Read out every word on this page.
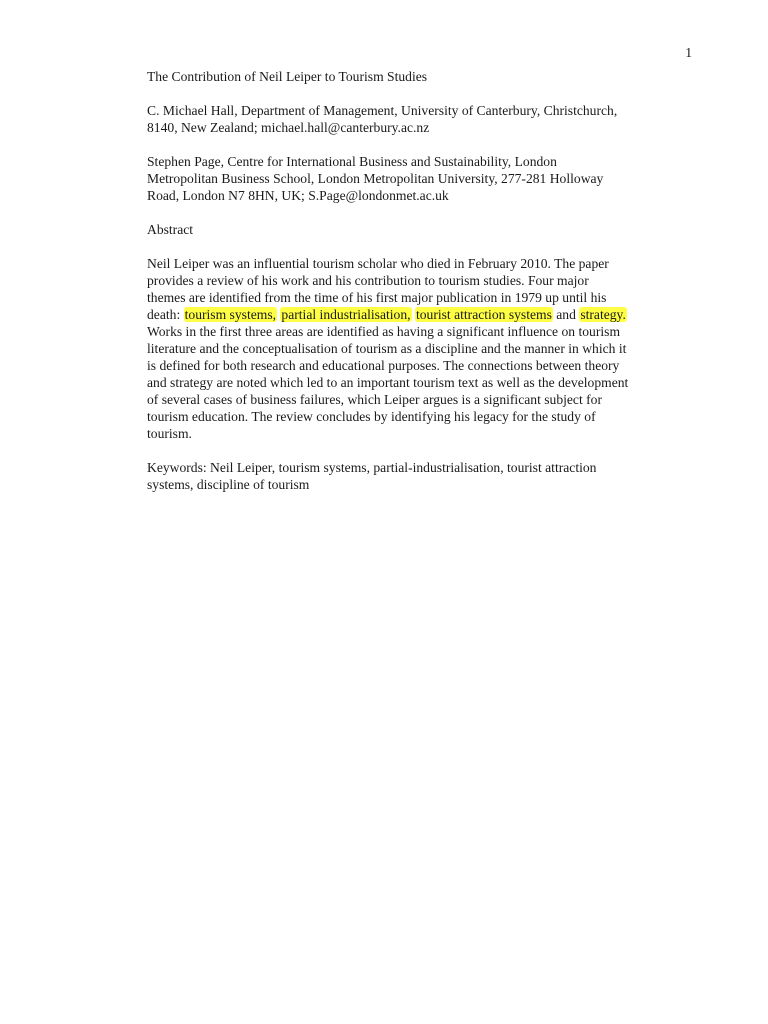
1

The Contribution of Neil Leiper to Tourism Studies

C. Michael Hall, Department of Management, University of Canterbury, Christchurch,
8140, New Zealand; michael.hall@canterbury.ac.nz

Stephen Page, Centre for International Business and Sustainability, London
Metropolitan Business School, London Metropolitan University, 277-281 Holloway
Road, London N7 8HN, UK; S.Page@londonmet.ac.uk

Abstract

Neil Leiper was an influential tourism scholar who died in February 2010. The paper
provides a review of his work and his contribution to tourism studies. Four major
themes are identified from the time of his first major publication in 1979 up until his
death: tourism systems, partial industrialisation, tourist attraction systems and strategy.
Works in the first three areas are identified as having a significant influence on tourism
literature and the conceptualisation of tourism as a discipline and the manner in which it
is defined for both research and educational purposes. The connections between theory
and strategy are noted which led to an important tourism text as well as the development
of several cases of business failures, which Leiper argues is a significant subject for
tourism education. The review concludes by identifying his legacy for the study of
tourism.

Keywords: Neil Leiper, tourism systems, partial-industrialisation, tourist attraction
systems, discipline of tourism
